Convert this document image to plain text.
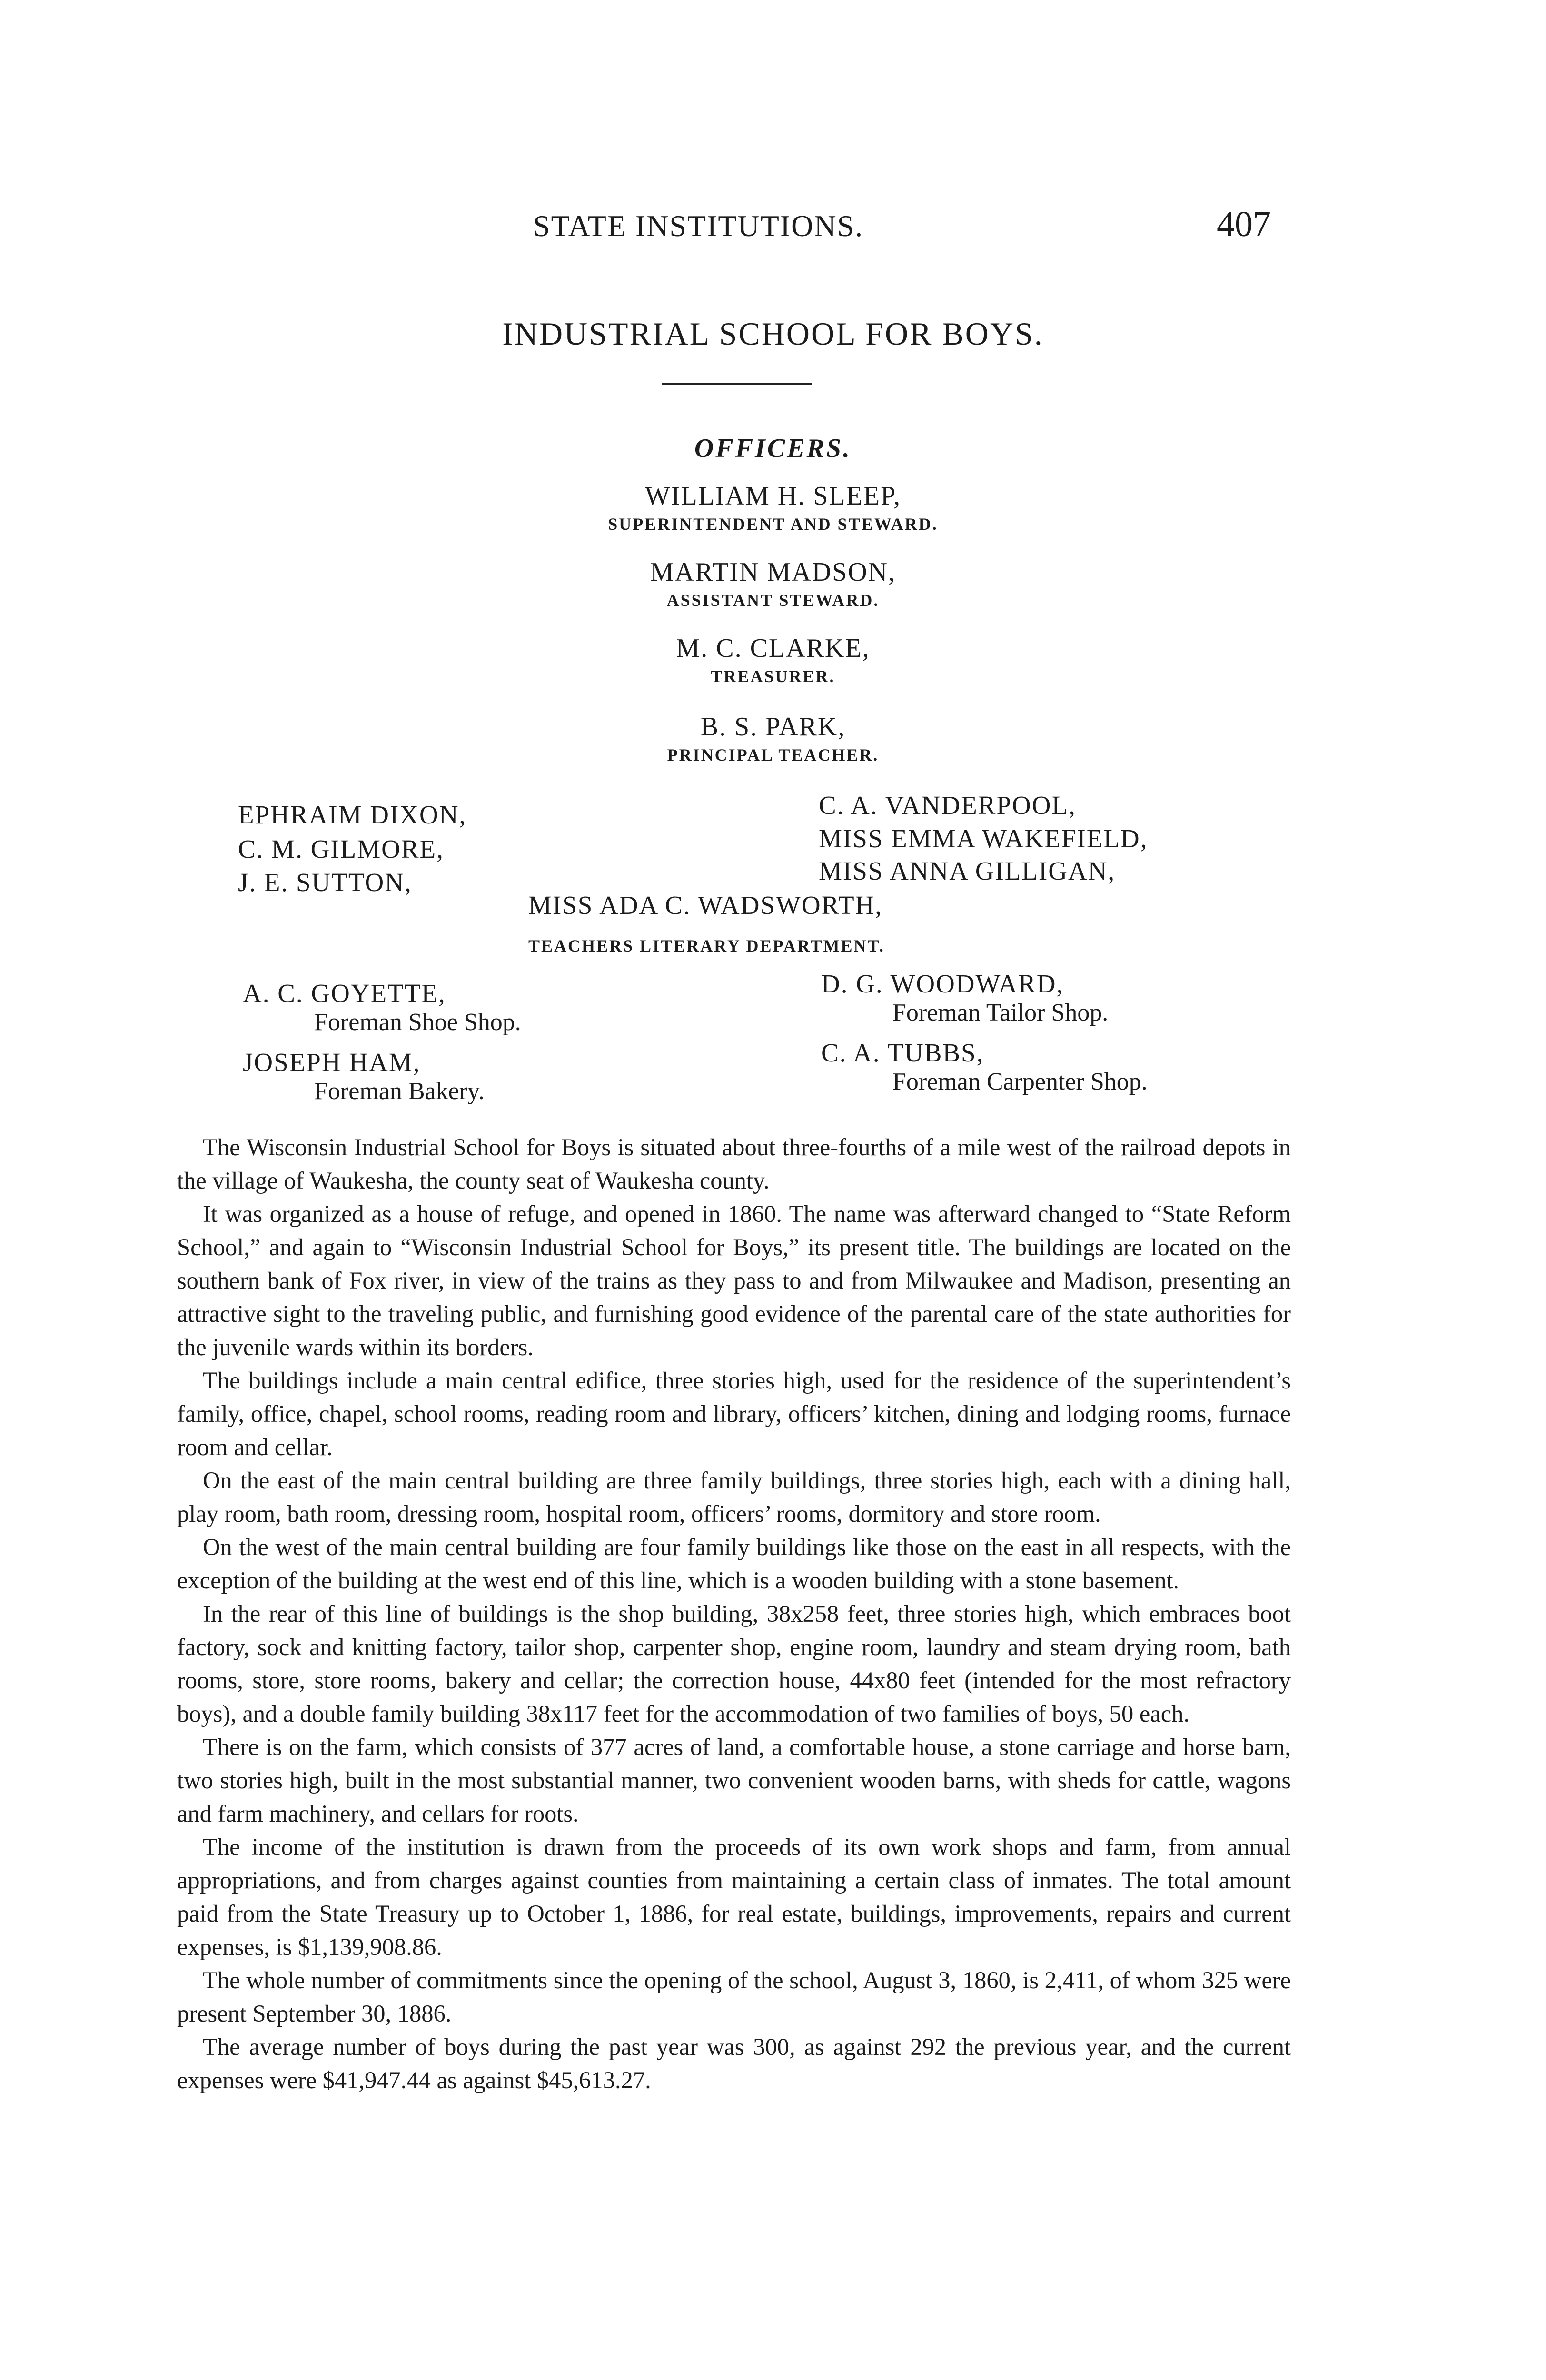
STATE INSTITUTIONS.	407
INDUSTRIAL SCHOOL FOR BOYS.
OFFICERS.
WILLIAM H. SLEEP,
SUPERINTENDENT AND STEWARD.
MARTIN MADSON,
ASSISTANT STEWARD.
M. C. CLARKE,
TREASURER.
B. S. PARK,
PRINCIPAL TEACHER.
EPHRAIM DIXON,
C. M. GILMORE,
J. E. SUTTON,
C. A. VANDERPOOL,
MISS EMMA WAKEFIELD,
MISS ANNA GILLIGAN,
MISS ADA C. WADSWORTH,
TEACHERS LITERARY DEPARTMENT.
A. C. GOYETTE,
Foreman Shoe Shop.
D. G. WOODWARD,
Foreman Tailor Shop.
JOSEPH HAM,
Foreman Bakery.
C. A. TUBBS,
Foreman Carpenter Shop.

The Wisconsin Industrial School for Boys is situated about three-fourths of a mile west of the railroad depots in the village of Waukesha, the county seat of Waukesha county.

It was organized as a house of refuge, and opened in 1860. The name was afterward changed to “State Reform School,” and again to “Wisconsin Industrial School for Boys,” its present title. The buildings are located on the southern bank of Fox river, in view of the trains as they pass to and from Milwaukee and Madison, presenting an attractive sight to the traveling public, and furnishing good evidence of the parental care of the state authorities for the juvenile wards within its borders.

The buildings include a main central edifice, three stories high, used for the residence of the superintendent’s family, office, chapel, school rooms, reading room and library, officers’ kitchen, dining and lodging rooms, furnace room and cellar.

On the east of the main central building are three family buildings, three stories high, each with a dining hall, play room, bath room, dressing room, hospital room, officers’ rooms, dormitory and store room.

On the west of the main central building are four family buildings like those on the east in all respects, with the exception of the building at the west end of this line, which is a wooden building with a stone basement.

In the rear of this line of buildings is the shop building, 38x258 feet, three stories high, which embraces boot factory, sock and knitting factory, tailor shop, carpenter shop, engine room, laundry and steam drying room, bath rooms, store, store rooms, bakery and cellar; the correction house, 44x80 feet (intended for the most refractory boys), and a double family building 38x117 feet for the accommodation of two families of boys, 50 each.

There is on the farm, which consists of 377 acres of land, a comfortable house, a stone carriage and horse barn, two stories high, built in the most substantial manner, two convenient wooden barns, with sheds for cattle, wagons and farm machinery, and cellars for roots.

The income of the institution is drawn from the proceeds of its own work shops and farm, from annual appropriations, and from charges against counties from maintaining a certain class of inmates. The total amount paid from the State Treasury up to October 1, 1886, for real estate, buildings, improvements, repairs and current expenses, is $1,139,908.86.

The whole number of commitments since the opening of the school, August 3, 1860, is 2,411, of whom 325 were present September 30, 1886.

The average number of boys during the past year was 300, as against 292 the previous year, and the current expenses were $41,947.44 as against $45,613.27.
